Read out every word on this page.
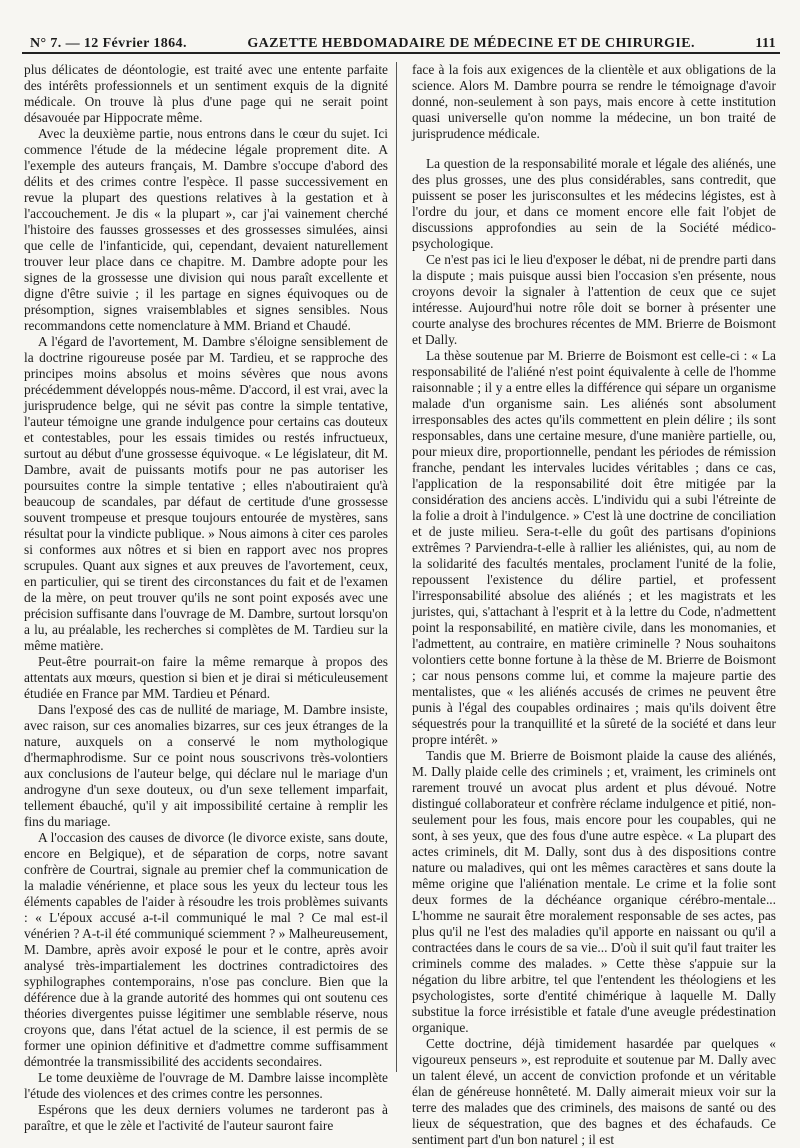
N° 7. — 12 Février 1864.	GAZETTE HEBDOMADAIRE DE MÉDECINE ET DE CHIRURGIE.	111

plus délicates de déontologie, est traité avec une entente parfaite des intérêts professionnels et un sentiment exquis de la dignité médicale. On trouve là plus d'une page qui ne serait point désavouée par Hippocrate même.

Avec la deuxième partie, nous entrons dans le cœur du sujet. Ici commence l'étude de la médecine légale proprement dite. A l'exemple des auteurs français, M. Dambre s'occupe d'abord des délits et des crimes contre l'espèce. Il passe successivement en revue la plupart des questions relatives à la gestation et à l'accouchement. Je dis « la plupart », car j'ai vainement cherché l'histoire des fausses grossesses et des grossesses simulées, ainsi que celle de l'infanticide, qui, cependant, devaient naturellement trouver leur place dans ce chapitre. M. Dambre adopte pour les signes de la grossesse une division qui nous paraît excellente et digne d'être suivie ; il les partage en signes équivoques ou de présomption, signes vraisemblables et signes sensibles. Nous recommandons cette nomenclature à MM. Briand et Chaudé.

A l'égard de l'avortement, M. Dambre s'éloigne sensiblement de la doctrine rigoureuse posée par M. Tardieu, et se rapproche des principes moins absolus et moins sévères que nous avons précédemment développés nous-même. D'accord, il est vrai, avec la jurisprudence belge, qui ne sévit pas contre la simple tentative, l'auteur témoigne une grande indulgence pour certains cas douteux et contestables, pour les essais timides ou restés infructueux, surtout au début d'une grossesse équivoque. « Le législateur, dit M. Dambre, avait de puissants motifs pour ne pas autoriser les poursuites contre la simple tentative ; elles n'aboutiraient qu'à beaucoup de scandales, par défaut de certitude d'une grossesse souvent trompeuse et presque toujours entourée de mystères, sans résultat pour la vindicte publique. » Nous aimons à citer ces paroles si conformes aux nôtres et si bien en rapport avec nos propres scrupules. Quant aux signes et aux preuves de l'avortement, ceux, en particulier, qui se tirent des circonstances du fait et de l'examen de la mère, on peut trouver qu'ils ne sont point exposés avec une précision suffisante dans l'ouvrage de M. Dambre, surtout lorsqu'on a lu, au préalable, les recherches si complètes de M. Tardieu sur la même matière.

Peut-être pourrait-on faire la même remarque à propos des attentats aux mœurs, question si bien et je dirai si méticuleusement étudiée en France par MM. Tardieu et Pénard.

Dans l'exposé des cas de nullité de mariage, M. Dambre insiste, avec raison, sur ces anomalies bizarres, sur ces jeux étranges de la nature, auxquels on a conservé le nom mythologique d'hermaphrodisme. Sur ce point nous souscrivons très-volontiers aux conclusions de l'auteur belge, qui déclare nul le mariage d'un androgyne d'un sexe douteux, ou d'un sexe tellement imparfait, tellement ébauché, qu'il y ait impossibilité certaine à remplir les fins du mariage.

A l'occasion des causes de divorce (le divorce existe, sans doute, encore en Belgique), et de séparation de corps, notre savant confrère de Courtrai, signale au premier chef la communication de la maladie vénérienne, et place sous les yeux du lecteur tous les éléments capables de l'aider à résoudre les trois problèmes suivants : « L'époux accusé a-t-il communiqué le mal ? Ce mal est-il vénérien ? A-t-il été communiqué sciemment ? » Malheureusement, M. Dambre, après avoir exposé le pour et le contre, après avoir analysé très-impartialement les doctrines contradictoires des syphilographes contemporains, n'ose pas conclure. Bien que la déférence due à la grande autorité des hommes qui ont soutenu ces théories divergentes puisse légitimer une semblable réserve, nous croyons que, dans l'état actuel de la science, il est permis de se former une opinion définitive et d'admettre comme suffisamment démontrée la transmissibilité des accidents secondaires.

Le tome deuxième de l'ouvrage de M. Dambre laisse incomplète l'étude des violences et des crimes contre les personnes.

Espérons que les deux derniers volumes ne tarderont pas à paraître, et que le zèle et l'activité de l'auteur sauront faire

face à la fois aux exigences de la clientèle et aux obligations de la science. Alors M. Dambre pourra se rendre le témoignage d'avoir donné, non-seulement à son pays, mais encore à cette institution quasi universelle qu'on nomme la médecine, un bon traité de jurisprudence médicale.

La question de la responsabilité morale et légale des aliénés, une des plus grosses, une des plus considérables, sans contredit, que puissent se poser les jurisconsultes et les médecins légistes, est à l'ordre du jour, et dans ce moment encore elle fait l'objet de discussions approfondies au sein de la Société médico-psychologique.

Ce n'est pas ici le lieu d'exposer le débat, ni de prendre parti dans la dispute ; mais puisque aussi bien l'occasion s'en présente, nous croyons devoir la signaler à l'attention de ceux que ce sujet intéresse. Aujourd'hui notre rôle doit se borner à présenter une courte analyse des brochures récentes de MM. Brierre de Boismont et Dally.

La thèse soutenue par M. Brierre de Boismont est celle-ci : « La responsabilité de l'aliéné n'est point équivalente à celle de l'homme raisonnable ; il y a entre elles la différence qui sépare un organisme malade d'un organisme sain. Les aliénés sont absolument irresponsables des actes qu'ils commettent en plein délire ; ils sont responsables, dans une certaine mesure, d'une manière partielle, ou, pour mieux dire, proportionnelle, pendant les périodes de rémission franche, pendant les intervales lucides véritables ; dans ce cas, l'application de la responsabilité doit être mitigée par la considération des anciens accès. L'individu qui a subi l'étreinte de la folie a droit à l'indulgence. » C'est là une doctrine de conciliation et de juste milieu. Sera-t-elle du goût des partisans d'opinions extrêmes ? Parviendra-t-elle à rallier les aliénistes, qui, au nom de la solidarité des facultés mentales, proclament l'unité de la folie, repoussent l'existence du délire partiel, et professent l'irresponsabilité absolue des aliénés ; et les magistrats et les juristes, qui, s'attachant à l'esprit et à la lettre du Code, n'admettent point la responsabilité, en matière civile, dans les monomanies, et l'admettent, au contraire, en matière criminelle ? Nous souhaitons volontiers cette bonne fortune à la thèse de M. Brierre de Boismont ; car nous pensons comme lui, et comme la majeure partie des mentalistes, que « les aliénés accusés de crimes ne peuvent être punis à l'égal des coupables ordinaires ; mais qu'ils doivent être séquestrés pour la tranquillité et la sûreté de la société et dans leur propre intérêt. »

Tandis que M. Brierre de Boismont plaide la cause des aliénés, M. Dally plaide celle des criminels ; et, vraiment, les criminels ont rarement trouvé un avocat plus ardent et plus dévoué. Notre distingué collaborateur et confrère réclame indulgence et pitié, non-seulement pour les fous, mais encore pour les coupables, qui ne sont, à ses yeux, que des fous d'une autre espèce. « La plupart des actes criminels, dit M. Dally, sont dus à des dispositions contre nature ou maladives, qui ont les mêmes caractères et sans doute la même origine que l'aliénation mentale. Le crime et la folie sont deux formes de la déchéance organique cérébro-mentale... L'homme ne saurait être moralement responsable de ses actes, pas plus qu'il ne l'est des maladies qu'il apporte en naissant ou qu'il a contractées dans le cours de sa vie... D'où il suit qu'il faut traiter les criminels comme des malades. » Cette thèse s'appuie sur la négation du libre arbitre, tel que l'entendent les théologiens et les psychologistes, sorte d'entité chimérique à laquelle M. Dally substitue la force irrésistible et fatale d'une aveugle prédestination organique.

Cette doctrine, déjà timidement hasardée par quelques « vigoureux penseurs », est reproduite et soutenue par M. Dally avec un talent élevé, un accent de conviction profonde et un véritable élan de généreuse honnêteté. M. Dally aimerait mieux voir sur la terre des malades que des criminels, des maisons de santé ou des lieux de séquestration, que des bagnes et des échafauds. Ce sentiment part d'un bon naturel ; il est
